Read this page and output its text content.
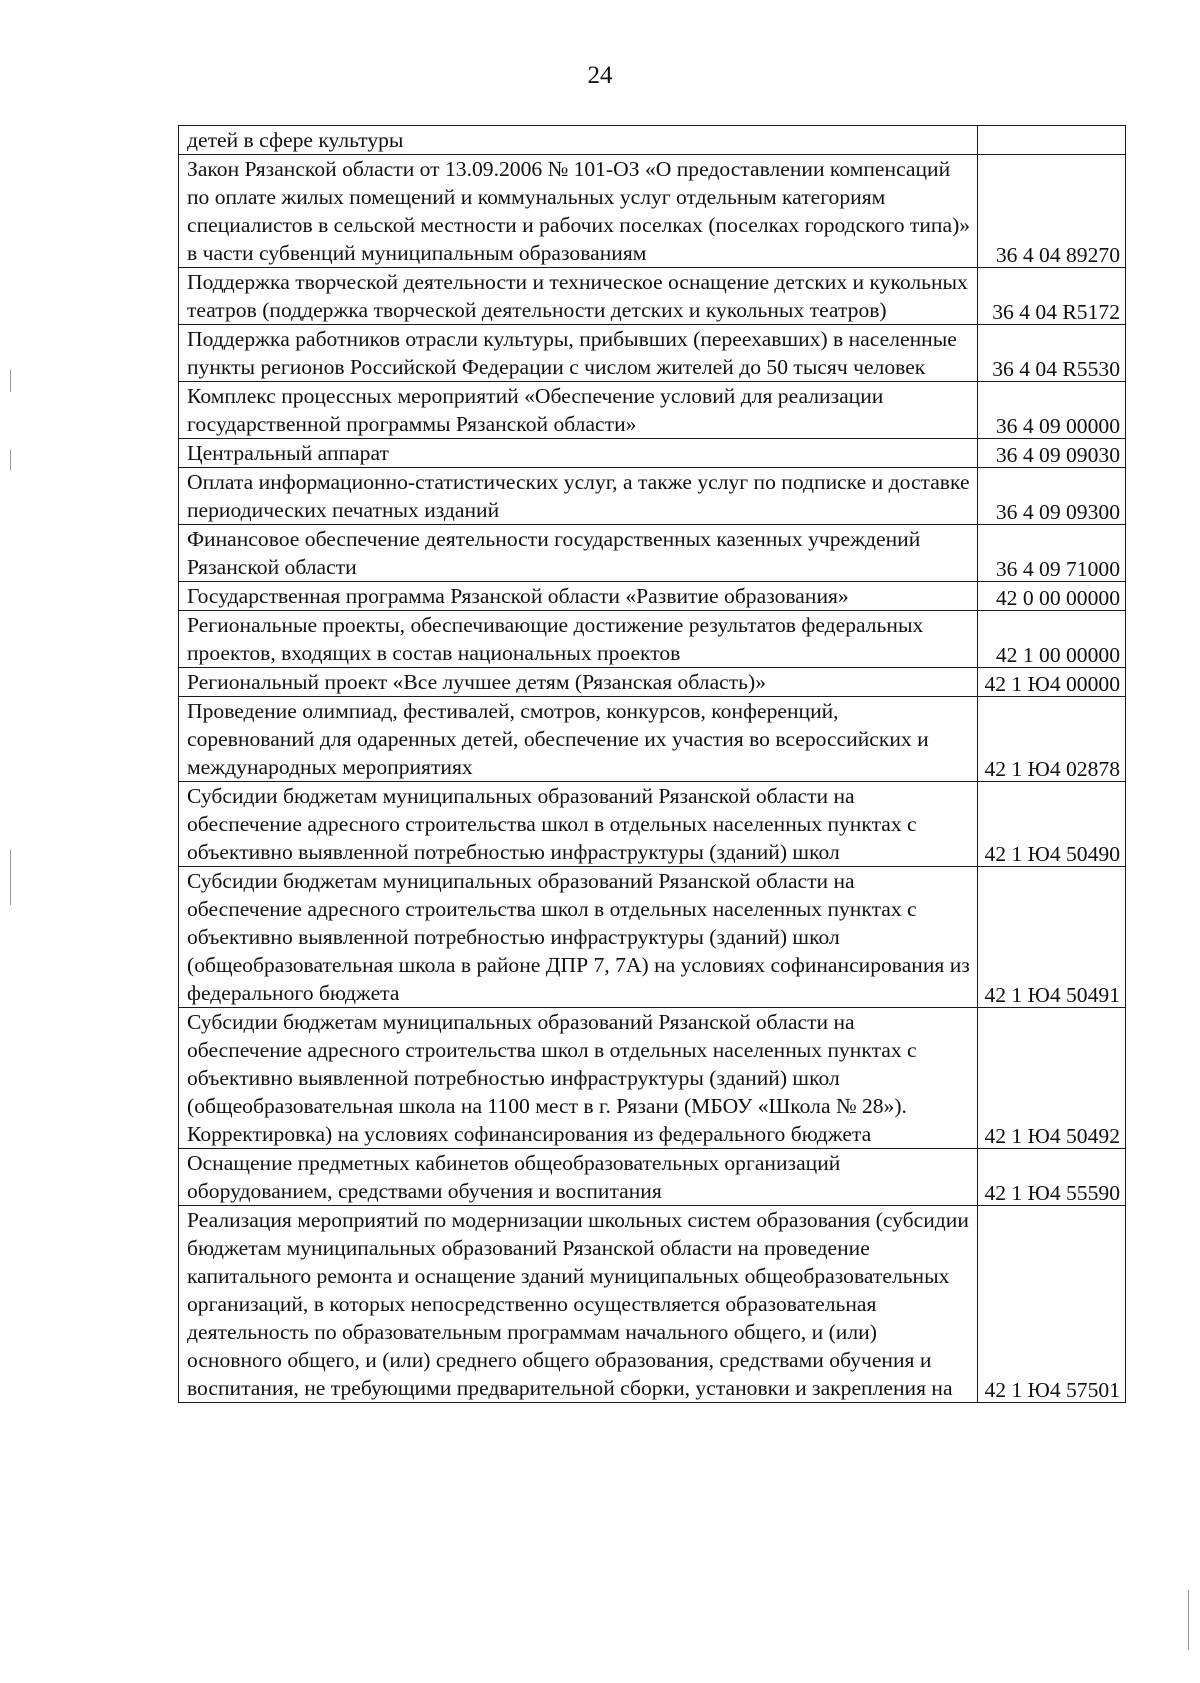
24
детей в сфере культуры	
Закон Рязанской области от 13.09.2006 № 101-ОЗ «О предоставлении компенсаций по оплате жилых помещений и коммунальных услуг отдельным категориям специалистов в сельской местности и рабочих поселках (поселках городского типа)» в части субвенций муниципальным образованиям	36 4 04 89270
Поддержка творческой деятельности и техническое оснащение детских и кукольных театров (поддержка творческой деятельности детских и кукольных театров)	36 4 04 R5172
Поддержка работников отрасли культуры, прибывших (переехавших) в населенные пункты регионов Российской Федерации с числом жителей до 50 тысяч человек	36 4 04 R5530
Комплекс процессных мероприятий «Обеспечение условий для реализации государственной программы Рязанской области»	36 4 09 00000
Центральный аппарат	36 4 09 09030
Оплата информационно-статистических услуг, а также услуг по подписке и доставке периодических печатных изданий	36 4 09 09300
Финансовое обеспечение деятельности государственных казенных учреждений Рязанской области	36 4 09 71000
Государственная программа Рязанской области «Развитие образования»	42 0 00 00000
Региональные проекты, обеспечивающие достижение результатов федеральных проектов, входящих в состав национальных проектов	42 1 00 00000
Региональный проект «Все лучшее детям (Рязанская область)»	42 1 Ю4 00000
Проведение олимпиад, фестивалей, смотров, конкурсов, конференций, соревнований для одаренных детей, обеспечение их участия во всероссийских и международных мероприятиях	42 1 Ю4 02878
Субсидии бюджетам муниципальных образований Рязанской области на обеспечение адресного строительства школ в отдельных населенных пунктах с объективно выявленной потребностью инфраструктуры (зданий) школ	42 1 Ю4 50490
Субсидии бюджетам муниципальных образований Рязанской области на обеспечение адресного строительства школ в отдельных населенных пунктах с объективно выявленной потребностью инфраструктуры (зданий) школ (общеобразовательная школа в районе ДПР 7, 7А) на условиях софинансирования из федерального бюджета	42 1 Ю4 50491
Субсидии бюджетам муниципальных образований Рязанской области на обеспечение адресного строительства школ в отдельных населенных пунктах с объективно выявленной потребностью инфраструктуры (зданий) школ (общеобразовательная школа на 1100 мест в г. Рязани (МБОУ «Школа № 28»). Корректировка) на условиях софинансирования из федерального бюджета	42 1 Ю4 50492
Оснащение предметных кабинетов общеобразовательных организаций оборудованием, средствами обучения и воспитания	42 1 Ю4 55590
Реализация мероприятий по модернизации школьных систем образования (субсидии бюджетам муниципальных образований Рязанской области на проведение капитального ремонта и оснащение зданий муниципальных общеобразовательных организаций, в которых непосредственно осуществляется образовательная деятельность по образовательным программам начального общего, и (или) основного общего, и (или) среднего общего образования, средствами обучения и воспитания, не требующими предварительной сборки, установки и закрепления на	42 1 Ю4 57501
